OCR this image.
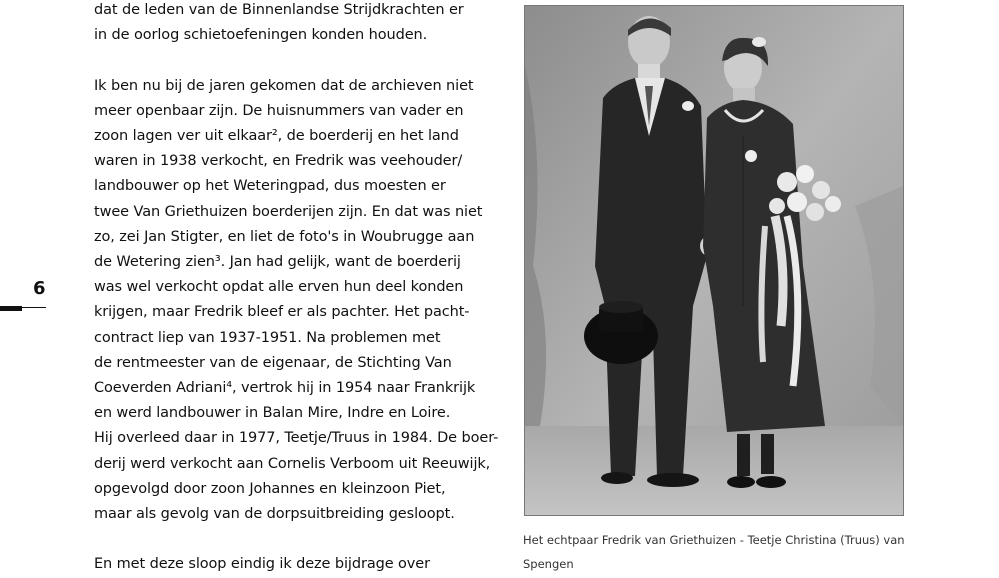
dat de leden van de Binnenlandse Strijdkrachten er

in de oorlog schietoefeningen konden houden.

Ik ben nu bij de jaren gekomen dat de archieven niet

meer openbaar zijn. De huisnummers van vader en

zoon lagen ver uit elkaar², de boerderij en het land

waren in 1938 verkocht, en Fredrik was veehouder/

landbouwer op het Weteringpad, dus moesten er

twee Van Griethuizen boerderijen zijn. En dat was niet

zo, zei Jan Stigter, en liet de foto's in Woubrugge aan

de Wetering zien³. Jan had gelijk, want de boerderij

was wel verkocht opdat alle erven hun deel konden

krijgen, maar Fredrik bleef er als pachter. Het pacht-

contract liep van 1937-1951. Na problemen met

de rentmeester van de eigenaar, de Stichting Van

Coeverden Adriani⁴, vertrok hij in 1954 naar Frankrijk

en werd landbouwer in Balan Mire, Indre en Loire.

Hij overleed daar in 1977, Teetje/Truus in 1984. De boer-

derij werd verkocht aan Cornelis Verboom uit Reeuwijk,

opgevolgd door zoon Johannes en kleinzoon Piet,

maar als gevolg van de dorpsuitbreiding gesloopt.

En met deze sloop eindig ik deze bijdrage over

6
Het echtpaar Fredrik van Griethuizen - Teetje Christina (Truus) van
Spengen
